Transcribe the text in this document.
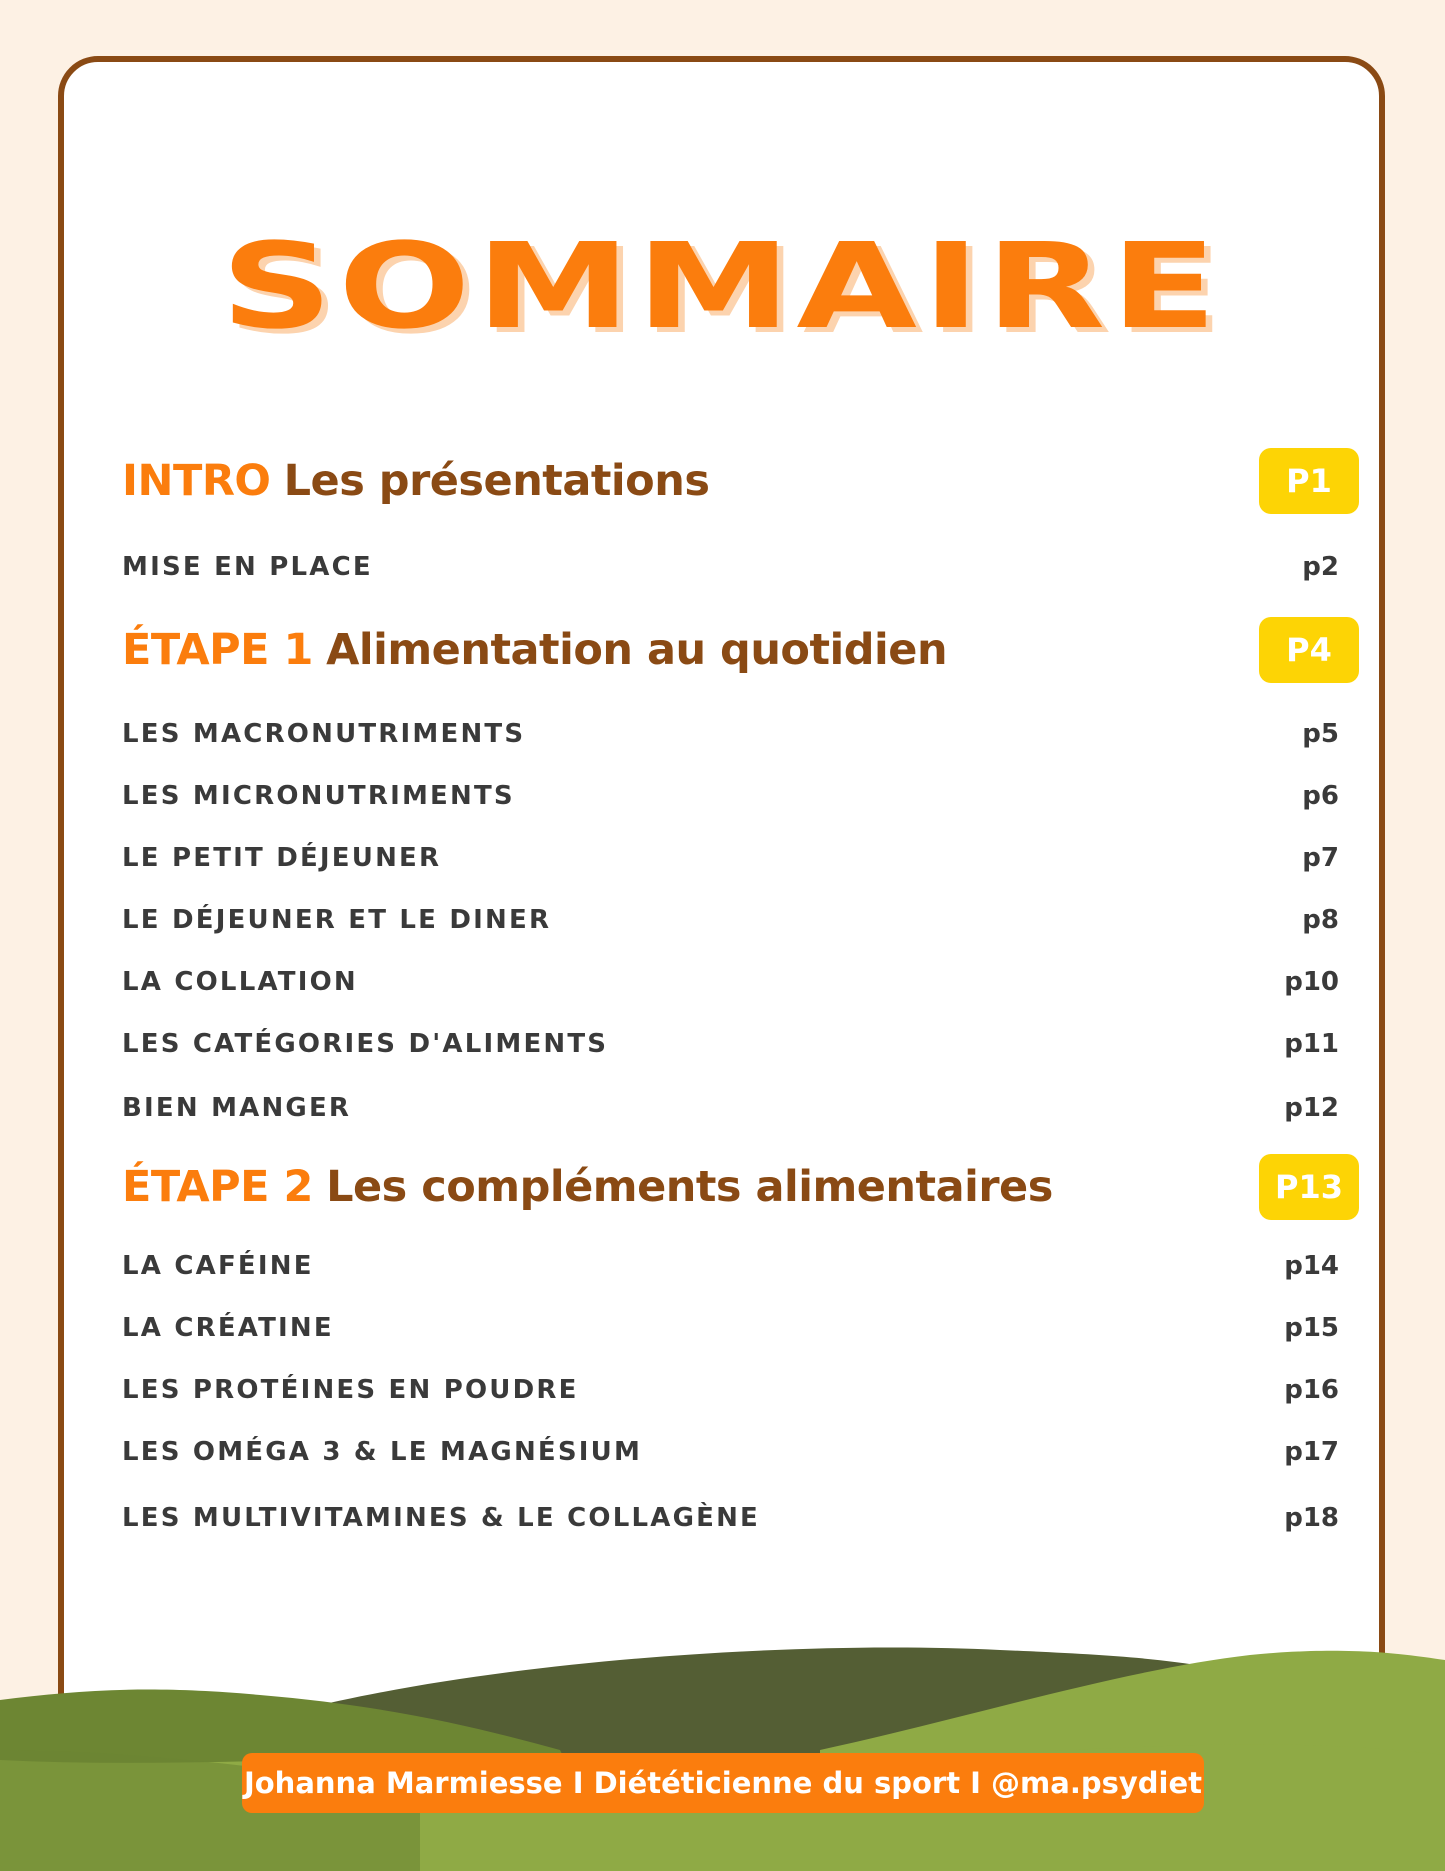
SOMMAIRE
INTRO Les présentations	P1
MISE EN PLACE	p2
ÉTAPE 1 Alimentation au quotidien	P4
LES MACRONUTRIMENTS	p5
LES MICRONUTRIMENTS	p6
LE PETIT DÉJEUNER	p7
LE DÉJEUNER ET LE DINER	p8
LA COLLATION	p10
LES CATÉGORIES D'ALIMENTS	p11
BIEN MANGER	p12
ÉTAPE 2 Les compléments alimentaires	P13
LA CAFÉINE	p14
LA CRÉATINE	p15
LES PROTÉINES EN POUDRE	p16
LES OMÉGA 3 & LE MAGNÉSIUM	p17
LES MULTIVITAMINES & LE COLLAGÈNE	p18
Johanna Marmiesse I Diététicienne du sport I @ma.psydiet
